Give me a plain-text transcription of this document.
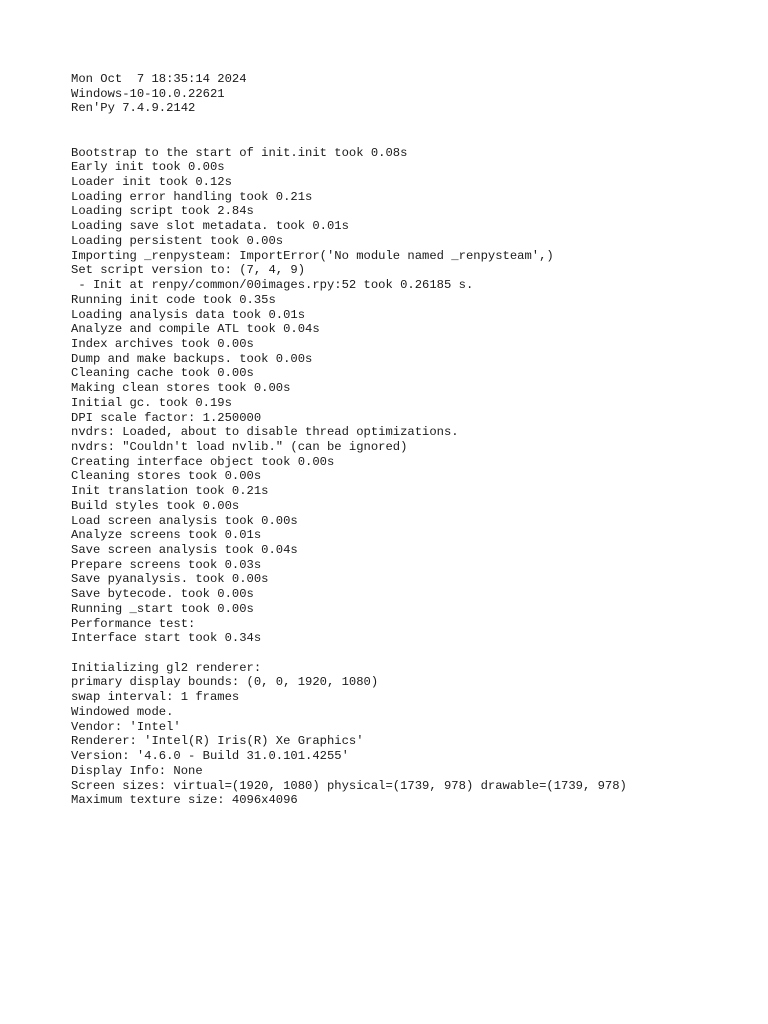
Mon Oct  7 18:35:14 2024
Windows-10-10.0.22621
Ren'Py 7.4.9.2142
Bootstrap to the start of init.init took 0.08s
Early init took 0.00s
Loader init took 0.12s
Loading error handling took 0.21s
Loading script took 2.84s
Loading save slot metadata. took 0.01s
Loading persistent took 0.00s
Importing _renpysteam: ImportError('No module named _renpysteam',)
Set script version to: (7, 4, 9)
- Init at renpy/common/00images.rpy:52 took 0.26185 s.
Running init code took 0.35s
Loading analysis data took 0.01s
Analyze and compile ATL took 0.04s
Index archives took 0.00s
Dump and make backups. took 0.00s
Cleaning cache took 0.00s
Making clean stores took 0.00s
Initial gc. took 0.19s
DPI scale factor: 1.250000
nvdrs: Loaded, about to disable thread optimizations.
nvdrs: "Couldn't load nvlib." (can be ignored)
Creating interface object took 0.00s
Cleaning stores took 0.00s
Init translation took 0.21s
Build styles took 0.00s
Load screen analysis took 0.00s
Analyze screens took 0.01s
Save screen analysis took 0.04s
Prepare screens took 0.03s
Save pyanalysis. took 0.00s
Save bytecode. took 0.00s
Running _start took 0.00s
Performance test:
Interface start took 0.34s
Initializing gl2 renderer:
primary display bounds: (0, 0, 1920, 1080)
swap interval: 1 frames
Windowed mode.
Vendor: 'Intel'
Renderer: 'Intel(R) Iris(R) Xe Graphics'
Version: '4.6.0 - Build 31.0.101.4255'
Display Info: None
Screen sizes: virtual=(1920, 1080) physical=(1739, 978) drawable=(1739, 978)
Maximum texture size: 4096x4096
